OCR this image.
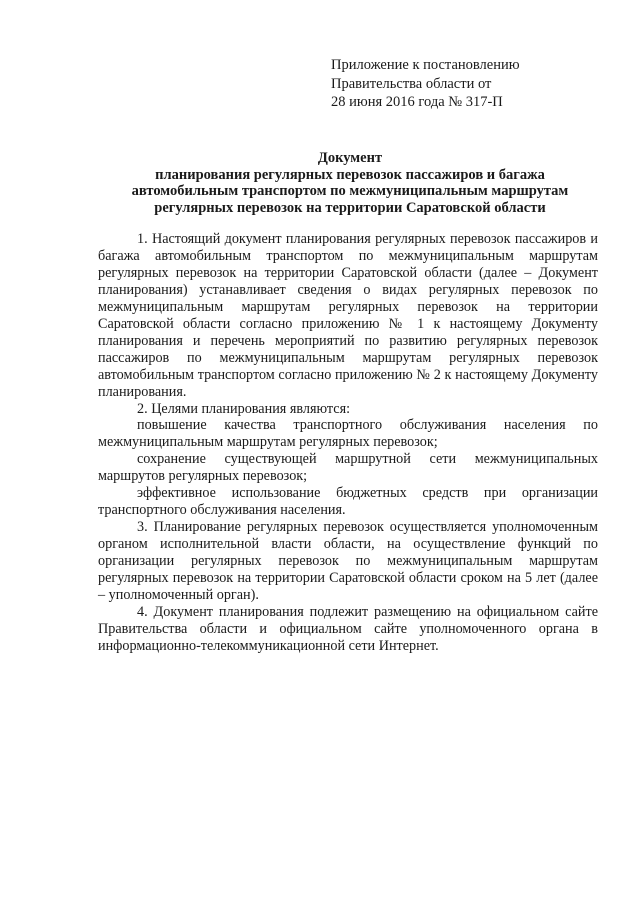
Приложение к постановлению
Правительства области от
28 июня 2016 года № 317-П
Документ
планирования регулярных перевозок пассажиров и багажа
автомобильным транспортом по межмуниципальным маршрутам
регулярных перевозок на территории Саратовской области

1. Настоящий документ планирования регулярных перевозок пассажиров и багажа автомобильным транспортом по межмуниципальным маршрутам регулярных перевозок на территории Саратовской области (далее – Документ планирования) устанавливает сведения о видах регулярных перевозок по межмуниципальным маршрутам регулярных перевозок на территории Саратовской области согласно приложению № 1 к настоящему Документу планирования и перечень мероприятий по развитию регулярных перевозок пассажиров по межмуниципальным маршрутам регулярных перевозок автомобильным транспортом согласно приложению № 2 к настоящему Документу планирования.

2. Целями планирования являются:

повышение качества транспортного обслуживания населения по межмуниципальным маршрутам регулярных перевозок;

сохранение существующей маршрутной сети межмуниципальных маршрутов регулярных перевозок;

эффективное использование бюджетных средств при организации транспортного обслуживания населения.

3. Планирование регулярных перевозок осуществляется уполномоченным органом исполнительной власти области, на осуществление функций по организации регулярных перевозок по межмуниципальным маршрутам регулярных перевозок на территории Саратовской области сроком на 5 лет (далее – уполномоченный орган).

4. Документ планирования подлежит размещению на официальном сайте Правительства области и официальном сайте уполномоченного органа в информационно-телекоммуникационной сети Интернет.
